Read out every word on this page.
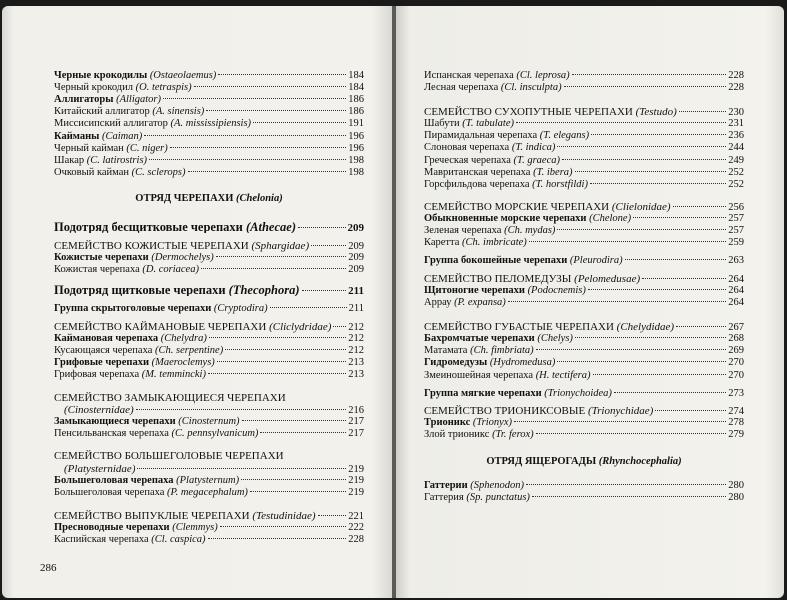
Черные крокодилы (Ostaeolaemus)	184
Черный крокодил (O. tetraspis)	184
Аллигаторы (Alligator)	186
Китайский аллигатор (A. sinensis)	186
Миссисипский аллигатор (A. mississipiensis)	191
Кайманы (Caiman)	196
Черный кайман (C. niger)	196
Шакар (C. latirostris)	198
Очковый кайман (C. sclerops)	198
ОТРЯД ЧЕРЕПАХИ (Chelonia)
Подотряд бесщитковые черепахи (Athecae)	209
СЕМЕЙСТВО КОЖИСТЫЕ ЧЕРЕПАХИ (Sphargidae)	209
Кожистые черепахи (Dermochelys)	209
Кожистая черепаха (D. coriacea)	209
Подотряд щитковые черепахи (Thecophora)	211
Группа скрытоголовые черепахи (Cryptodira)	211
СЕМЕЙСТВО КАЙМАНОВЫЕ ЧЕРЕПАХИ (Cliclydridae) 212
Каймановая черепаха (Chelydra)	212
Кусающаяся черепаха (Ch. serpentine)	212
Грифовые черепахи (Maeroclemys)	213
Грифовая черепаха (M. temmincki)	213
СЕМЕЙСТВО ЗАМЫКАЮЩИЕСЯ ЧЕРЕПАХИ
(Cinosternidae)	216
Замыкающиеся черепахи (Cinosternum)	217
Пенсильванская черепаха (C. pennsylvanicum)	217
СЕМЕЙСТВО БОЛЬШЕГОЛОВЫЕ ЧЕРЕПАХИ
(Platysternidae)	219
Большеголовая черепаха (Platysternum)	219
Большеголовая черепаха (P. megacephalum)	219
СЕМЕЙСТВО ВЫПУКЛЫЕ ЧЕРЕПАХИ (Testudinidae)	221
Пресноводные черепахи (Clemmys)	222
Каспийская черепаха (Cl. caspica)	228
Испанская черепаха (Cl. leprosa)	228
Лесная черепаха (Cl. insculpta)	228
СЕМЕЙСТВО СУХОПУТНЫЕ ЧЕРЕПАХИ (Testudo)	230
Шабути (T. tabulate)	231
Пирамидальная черепаха (T. elegans)	236
Слоновая черепаха (T. indica)	244
Греческая черепаха (T. graeca)	249
Мавританская черепаха (T. ibera)	252
Горсфильдова черепаха (T. horstfildi)	252
СЕМЕЙСТВО МОРСКИЕ ЧЕРЕПАХИ (Clielonidae)	256
Обыкновенные морские черепахи (Chelone)	257
Зеленая черепаха (Ch. mydas)	257
Каретта (Ch. imbricate)	259
Группа бокошейные черепахи (Pleurodira)	263
СЕМЕЙСТВО ПЕЛОМЕДУЗЫ (Pelomedusae)	264
Щитоногие черепахи (Podocnemis)	264
Аррау (P. expansa)	264
СЕМЕЙСТВО ГУБАСТЫЕ ЧЕРЕПАХИ (Chelydidae)	267
Бахромчатые черепахи (Chelys)	268
Матамата (Ch. fimbriata)	269
Гидромедузы (Hydromedusa)	270
Змеиношейная черепаха (H. tectifera)	270
Группа мягкие черепахи (Trionychoidea)	273
СЕМЕЙСТВО ТРИОНИКСОВЫЕ (Trionychidae)	274
Трионикс (Trionyx)	278
Злой трионикс (Tr. ferox)	279
ОТРЯД ЯЩЕРОГАДЫ (Rhynchocephalia)
Гаттерии (Sphenodon)	280
Гаттерия (Sp. punctatus)	280
286
